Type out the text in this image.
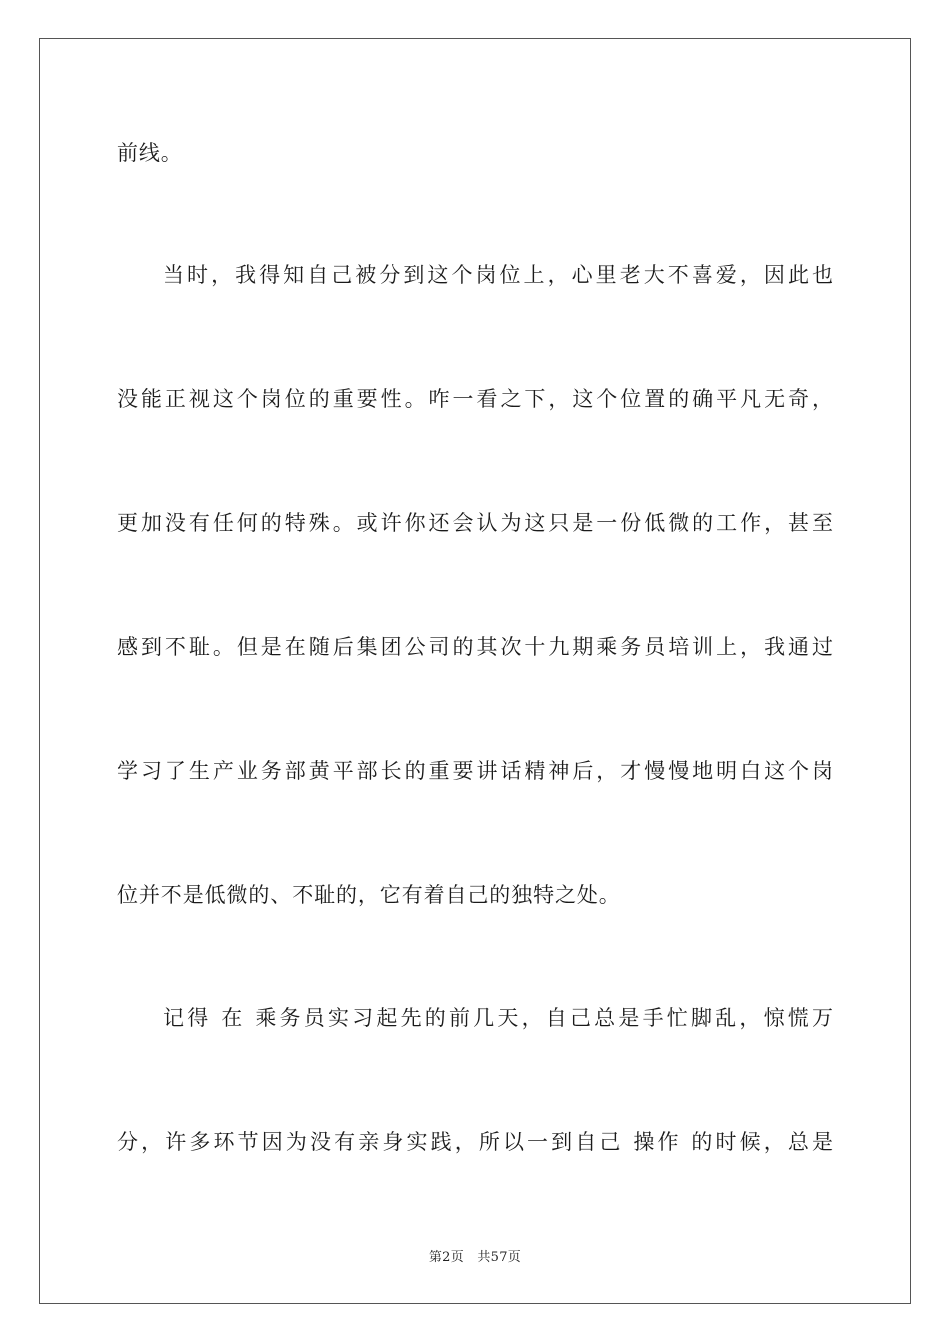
前线。
当时，我得知自己被分到这个岗位上，心里老大不喜爱，因此也
没能正视这个岗位的重要性。咋一看之下，这个位置的确平凡无奇，
更加没有任何的特殊。或许你还会认为这只是一份低微的工作，甚至
感到不耻。但是在随后集团公司的其次十九期乘务员培训上，我通过
学习了生产业务部黄平部长的重要讲话精神后，才慢慢地明白这个岗
位并不是低微的、不耻的，它有着自己的独特之处。
记得 在 乘务员实习起先的前几天，自己总是手忙脚乱，惊慌万
分，许多环节因为没有亲身实践，所以一到自己 操作 的时候，总是
第2页 共57页
